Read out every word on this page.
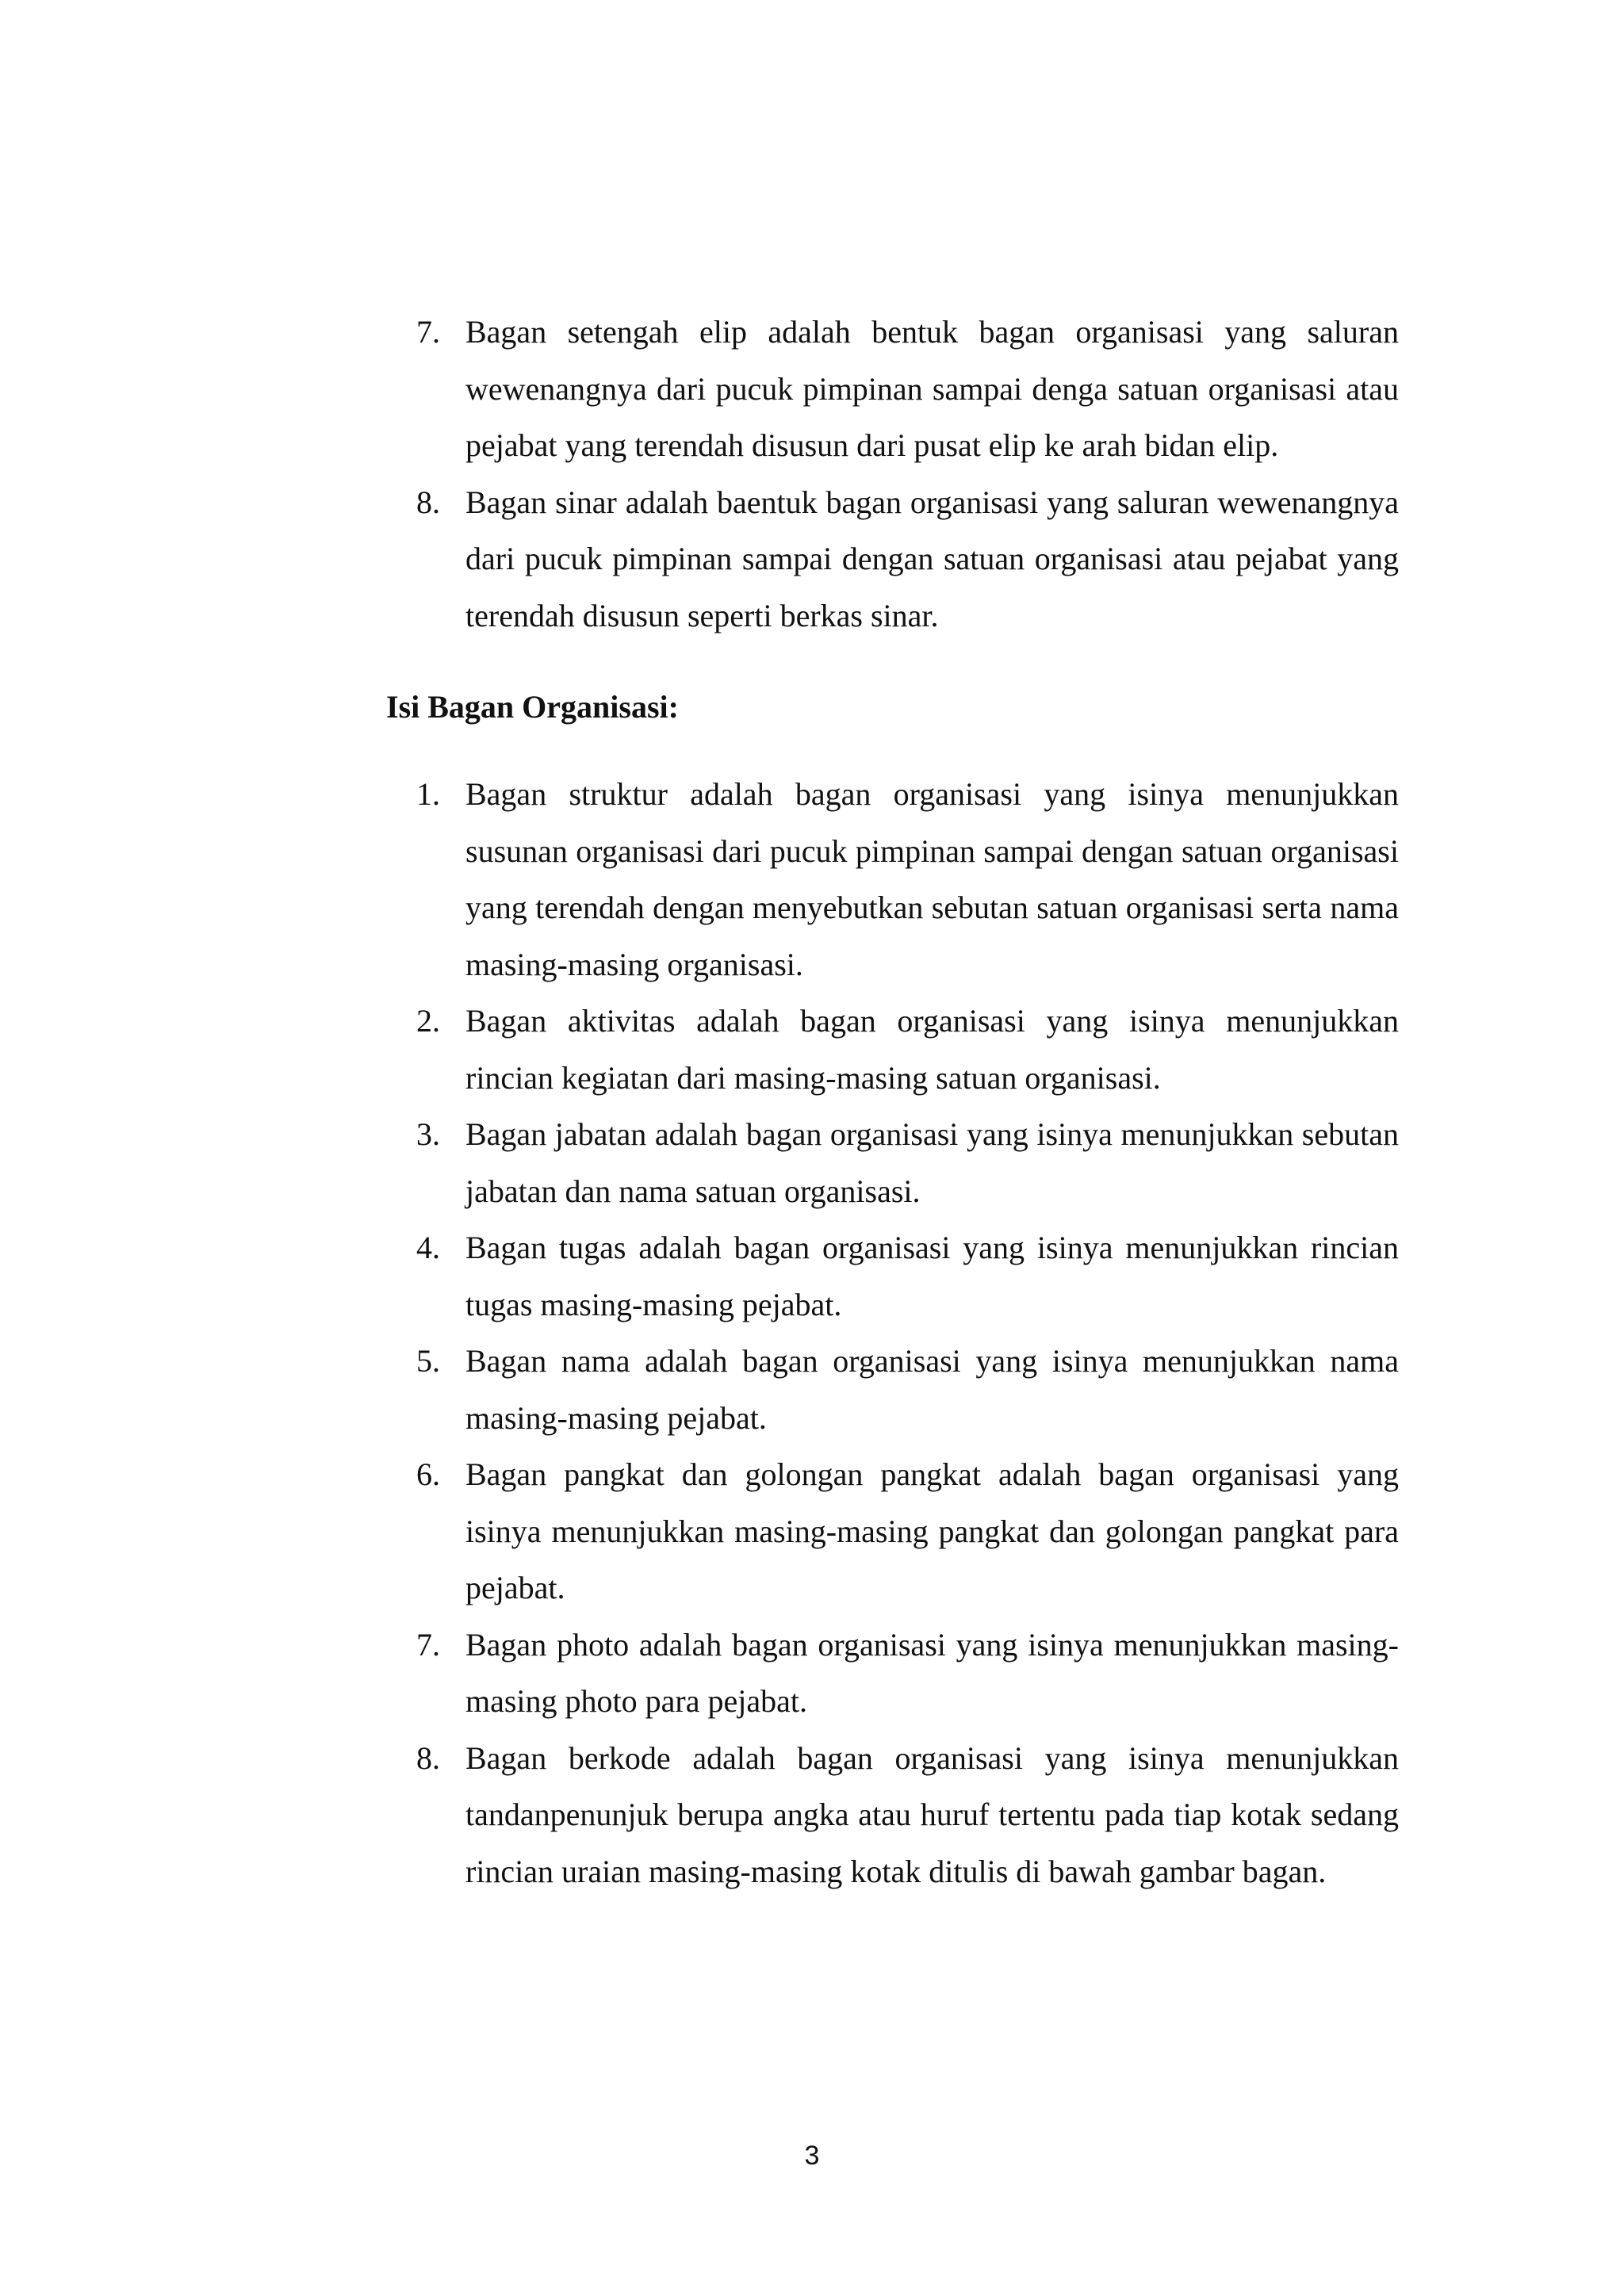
7. Bagan setengah elip adalah bentuk bagan organisasi yang saluran wewenangnya dari pucuk pimpinan sampai denga satuan organisasi atau pejabat yang terendah disusun dari pusat elip ke arah bidan elip.
8. Bagan sinar adalah baentuk bagan organisasi yang saluran wewenangnya dari pucuk pimpinan sampai dengan satuan organisasi atau pejabat yang terendah disusun seperti berkas sinar.
Isi Bagan Organisasi:
1. Bagan struktur adalah bagan organisasi yang isinya menunjukkan susunan organisasi dari pucuk pimpinan sampai dengan satuan organisasi yang terendah dengan menyebutkan sebutan satuan organisasi serta nama masing-masing organisasi.
2. Bagan aktivitas adalah bagan organisasi yang isinya menunjukkan rincian kegiatan dari masing-masing satuan organisasi.
3. Bagan jabatan adalah bagan organisasi yang isinya menunjukkan sebutan jabatan dan nama satuan organisasi.
4. Bagan tugas adalah bagan organisasi yang isinya menunjukkan rincian tugas masing-masing pejabat.
5. Bagan nama adalah bagan organisasi yang isinya menunjukkan nama masing-masing pejabat.
6. Bagan pangkat dan golongan pangkat adalah bagan organisasi yang isinya menunjukkan masing-masing pangkat dan golongan pangkat para pejabat.
7. Bagan photo adalah bagan organisasi yang isinya menunjukkan masing-masing photo para pejabat.
8. Bagan berkode adalah bagan organisasi yang isinya menunjukkan tandanpenunjuk berupa angka atau huruf tertentu pada tiap kotak sedang rincian uraian masing-masing kotak ditulis di bawah gambar bagan.
3
